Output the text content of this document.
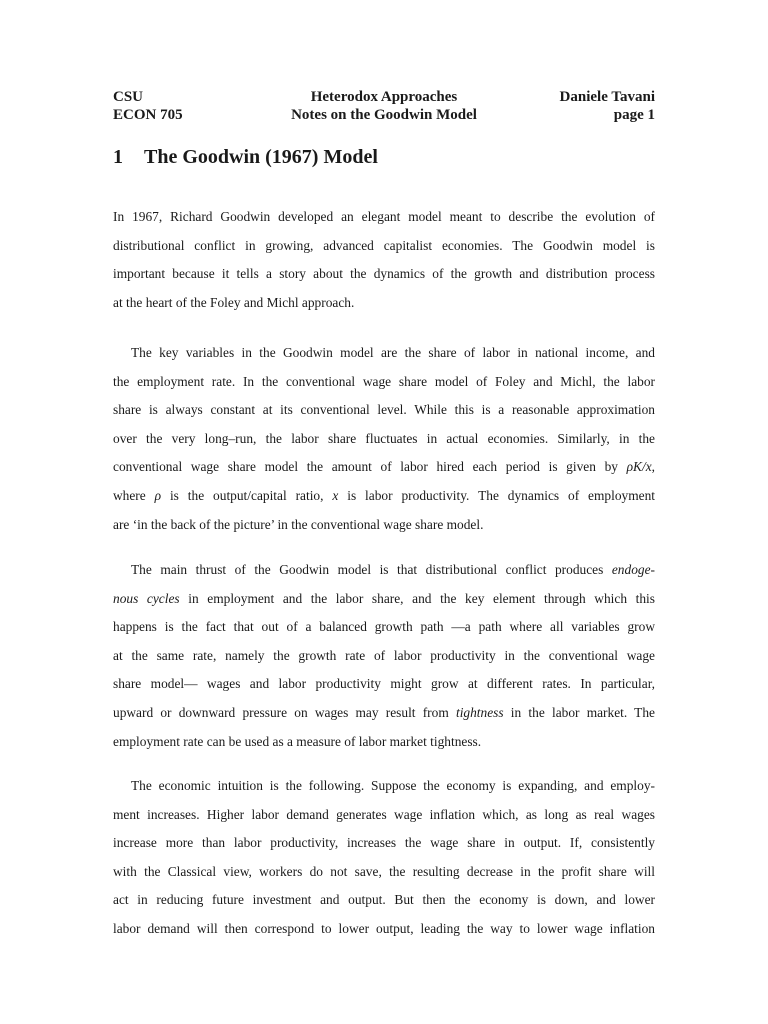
CSU
ECON 705
Heterodox Approaches
Notes on the Goodwin Model
Daniele Tavani
page 1
1 The Goodwin (1967) Model
In 1967, Richard Goodwin developed an elegant model meant to describe the evolution of
distributional conflict in growing, advanced capitalist economies. The Goodwin model is
important because it tells a story about the dynamics of the growth and distribution process
at the heart of the Foley and Michl approach.
The key variables in the Goodwin model are the share of labor in national income, and
the employment rate. In the conventional wage share model of Foley and Michl, the labor
share is always constant at its conventional level. While this is a reasonable approximation
over the very long–run, the labor share fluctuates in actual economies. Similarly, in the
conventional wage share model the amount of labor hired each period is given by ρK/x,
where ρ is the output/capital ratio, x is labor productivity. The dynamics of employment
are ‘in the back of the picture’ in the conventional wage share model.
The main thrust of the Goodwin model is that distributional conflict produces endoge-
nous cycles in employment and the labor share, and the key element through which this
happens is the fact that out of a balanced growth path —a path where all variables grow
at the same rate, namely the growth rate of labor productivity in the conventional wage
share model— wages and labor productivity might grow at different rates. In particular,
upward or downward pressure on wages may result from tightness in the labor market. The
employment rate can be used as a measure of labor market tightness.
The economic intuition is the following. Suppose the economy is expanding, and employ-
ment increases. Higher labor demand generates wage inflation which, as long as real wages
increase more than labor productivity, increases the wage share in output. If, consistently
with the Classical view, workers do not save, the resulting decrease in the profit share will
act in reducing future investment and output. But then the economy is down, and lower
labor demand will then correspond to lower output, leading the way to lower wage inflation
